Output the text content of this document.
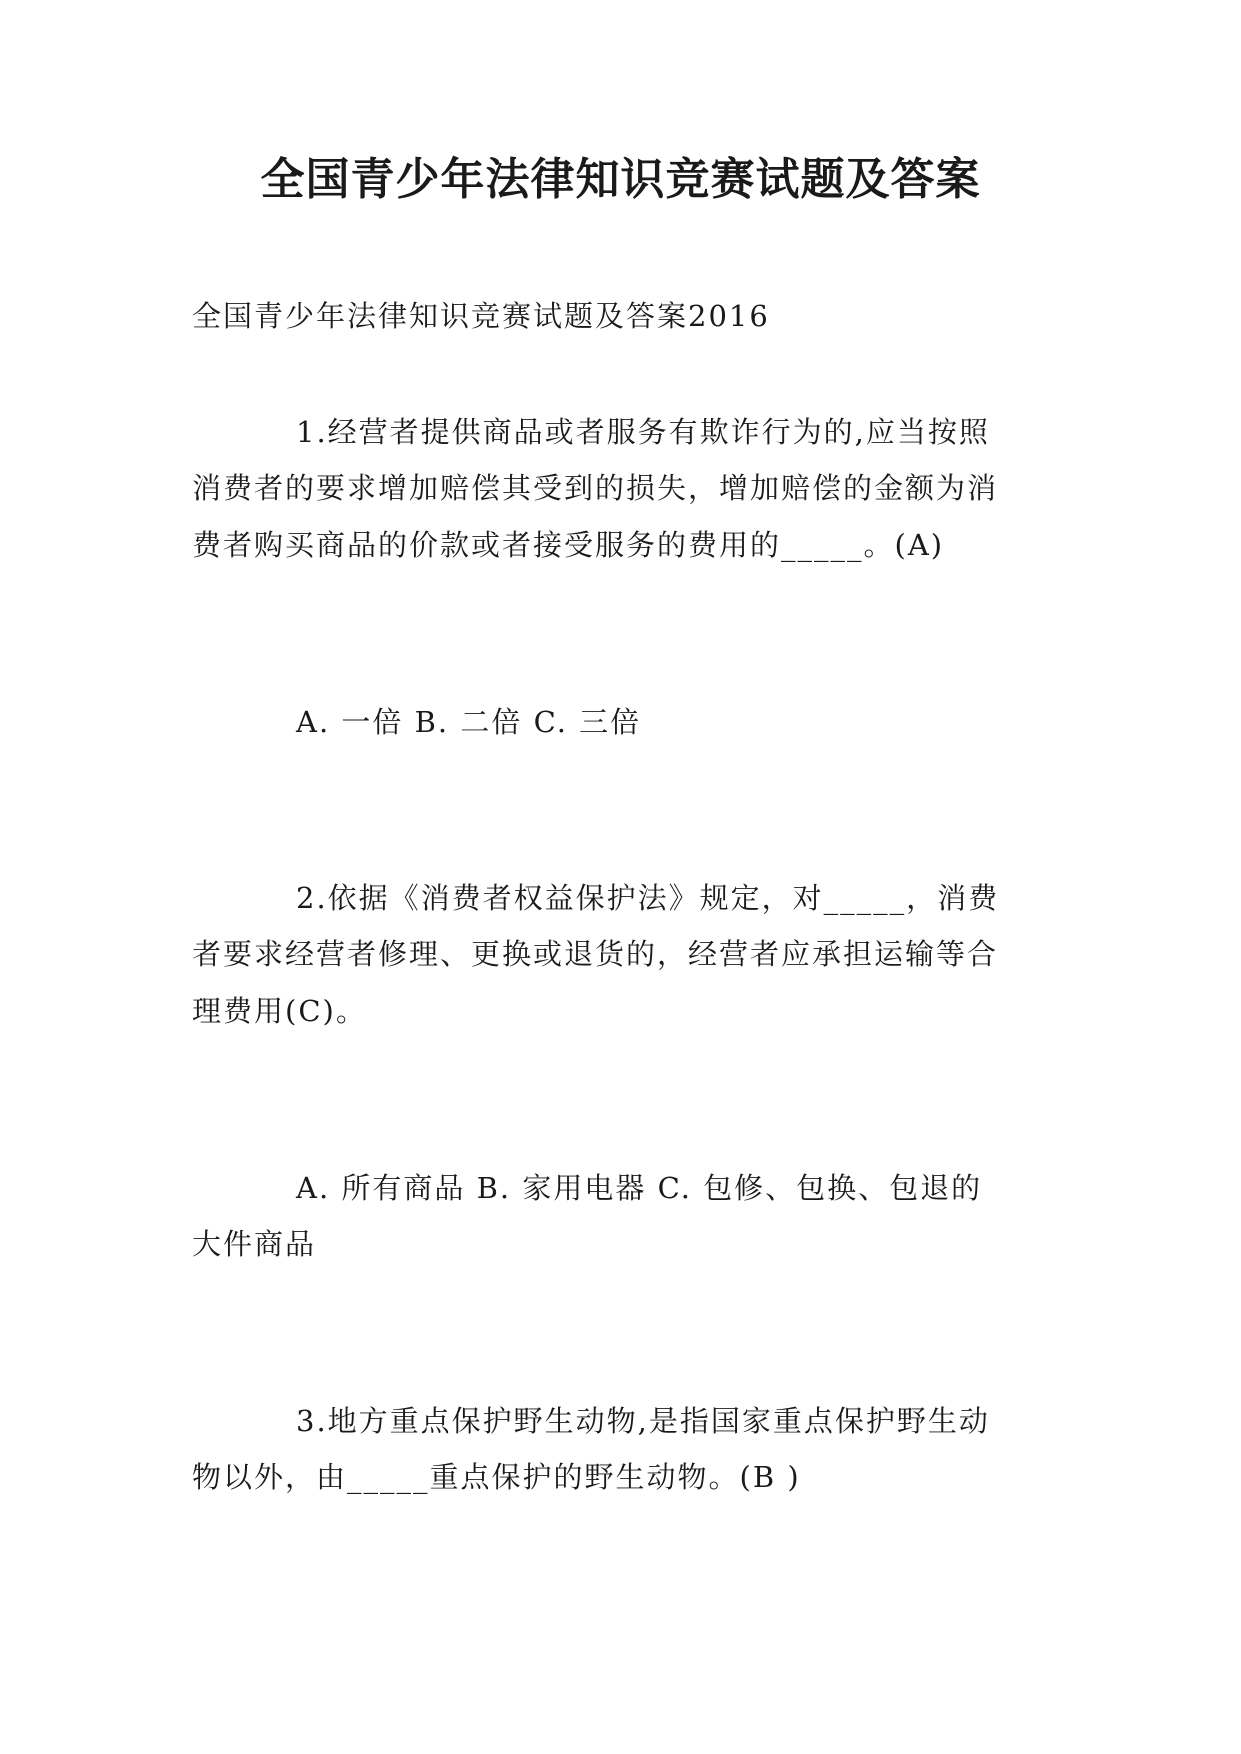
全国青少年法律知识竞赛试题及答案
全国青少年法律知识竞赛试题及答案2016
1.经营者提供商品或者服务有欺诈行为的,应当按照
消费者的要求增加赔偿其受到的损失，增加赔偿的金额为消
费者购买商品的价款或者接受服务的费用的_____。(A)
A. 一倍 B. 二倍 C. 三倍
2.依据《消费者权益保护法》规定，对_____，消费
者要求经营者修理、更换或退货的，经营者应承担运输等合
理费用(C)。
A. 所有商品 B. 家用电器 C. 包修、包换、包退的
大件商品
3.地方重点保护野生动物,是指国家重点保护野生动
物以外，由_____重点保护的野生动物。(B )
